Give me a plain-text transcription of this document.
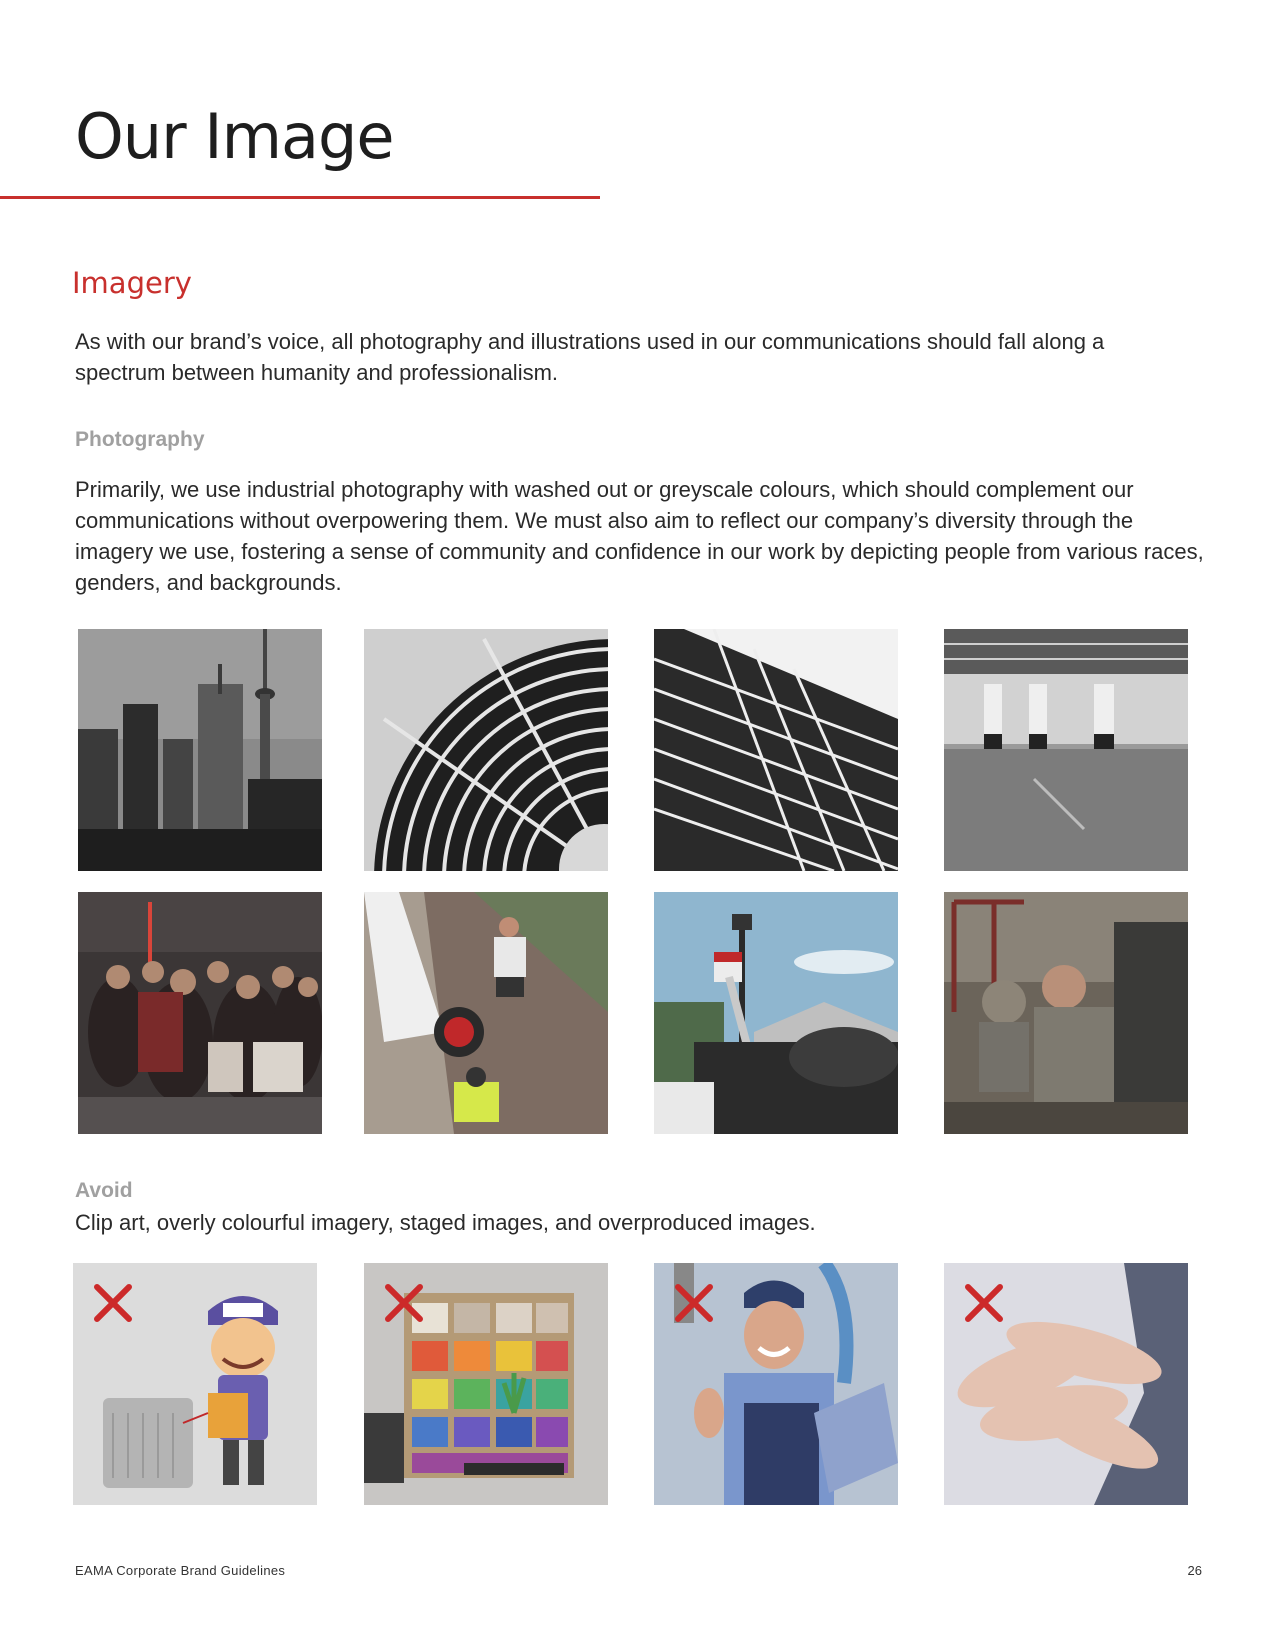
Our Image
Imagery

As with our brand’s voice, all photography and illustrations used in our communications should fall along a spectrum between humanity and professionalism.

Photography

Primarily, we use industrial photography with washed out or greyscale colours, which should complement our communications without overpowering them. We must also aim to reflect our company’s diversity through the imagery we use, fostering a sense of community and confidence in our work by depicting people from various races, genders, and backgrounds.

Avoid

Clip art, overly colourful imagery, staged images, and overproduced images.

EAMA Corporate Brand Guidelines	26
